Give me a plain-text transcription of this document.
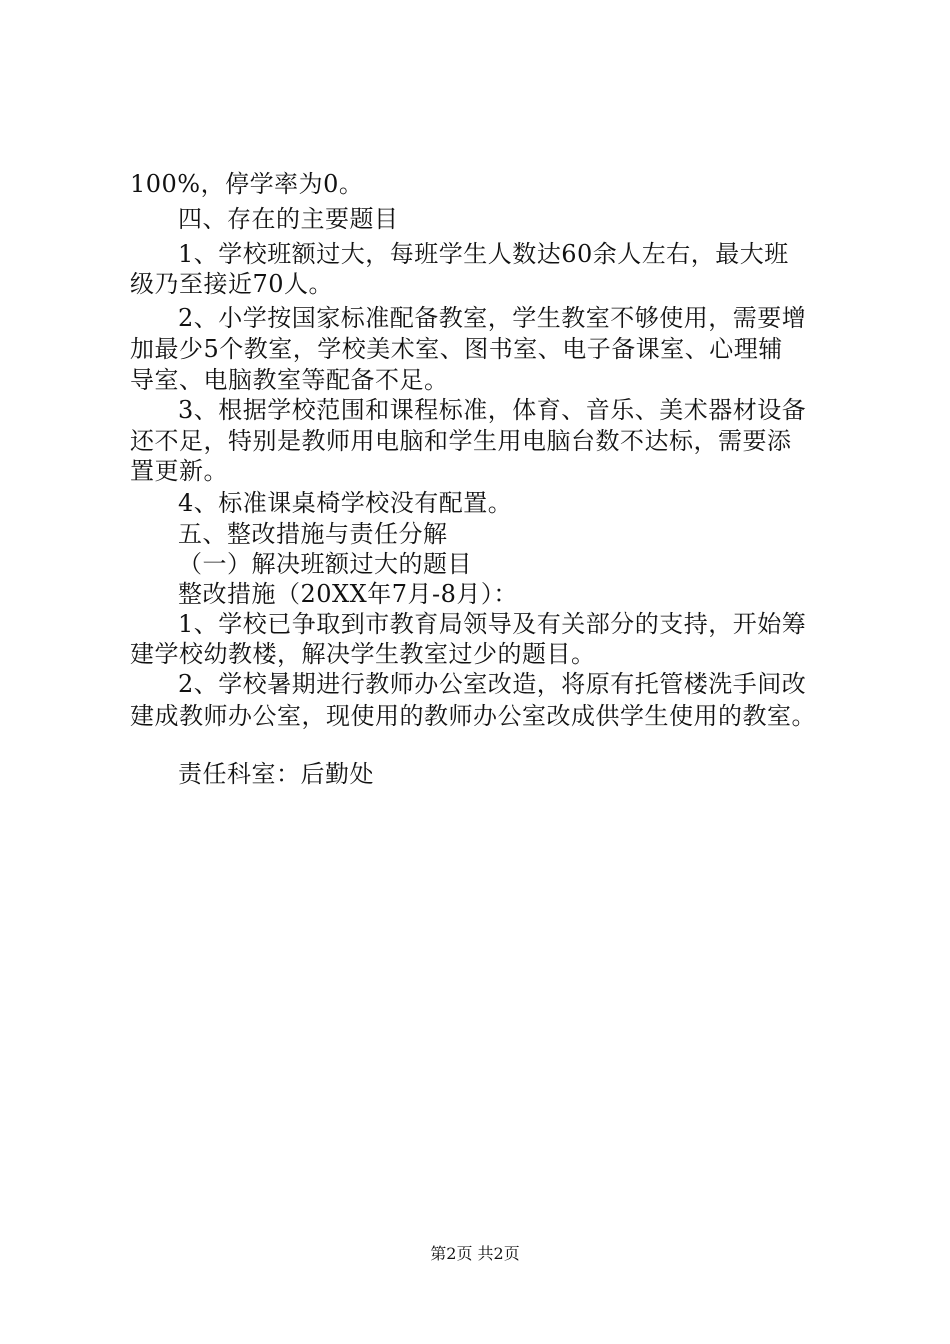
100%，停学率为0。
四、存在的主要题目
1、学校班额过大，每班学生人数达60余人左右，最大班
级乃至接近70人。
2、小学按国家标准配备教室，学生教室不够使用，需要增
加最少5个教室，学校美术室、图书室、电子备课室、心理辅
导室、电脑教室等配备不足。
3、根据学校范围和课程标准，体育、音乐、美术器材设备
还不足，特别是教师用电脑和学生用电脑台数不达标，需要添
置更新。
4、标准课桌椅学校没有配置。
五、整改措施与责任分解
（一）解决班额过大的题目
整改措施（20XX年7月-8月）：
1、学校已争取到市教育局领导及有关部分的支持，开始筹
建学校幼教楼，解决学生教室过少的题目。
2、学校暑期进行教师办公室改造，将原有托管楼洗手间改
建成教师办公室，现使用的教师办公室改成供学生使用的教室。
责任科室：后勤处
第2页 共2页
